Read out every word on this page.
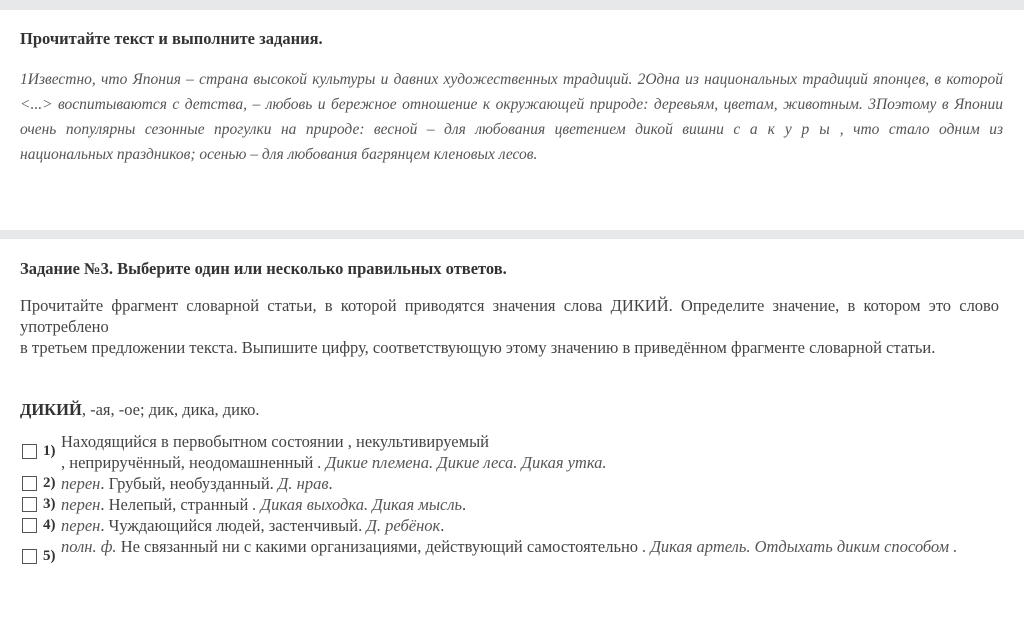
Прочитайте текст и выполните задания.
1Известно, что Япония – страна высокой культуры и давних художественных традиций. 2Одна из национальных традиций японцев, в которой <...> воспитываются с детства, – любовь и бережное отношение к окружающей природе: деревьям, цветам, животным. 3Поэтому в Японии очень популярны сезонные прогулки на природе: весной – для любования цветением дикой вишни сакуры, что стало одним из национальных праздников; осенью – для любования багрянцем кленовых лесов.
Задание №3. Выберите один или несколько правильных ответов.
Прочитайте фрагмент словарной статьи, в которой приводятся значения слова ДИКИЙ. Определите значение, в котором это слово употреблено
в третьем предложении текста. Выпишите цифру, соответствующую этому значению в приведённом фрагменте словарной статьи.
ДИКИЙ, -ая, -ое; дик, дика, дико.
1) Находящийся в первобытном состоянии , некультивируемый
, неприручённый, неодомашненный . Дикие племена. Дикие леса. Дикая утка.
2) перен. Грубый, необузданный. Д. нрав.
3) перен. Нелепый, странный . Дикая выходка. Дикая мысль.
4) перен. Чуждающийся людей, застенчивый. Д. ребёнок.
5) полн. ф. Не связанный ни с какими организациями, действующий самостоятельно . Дикая артель. Отдыхать диким способом .
